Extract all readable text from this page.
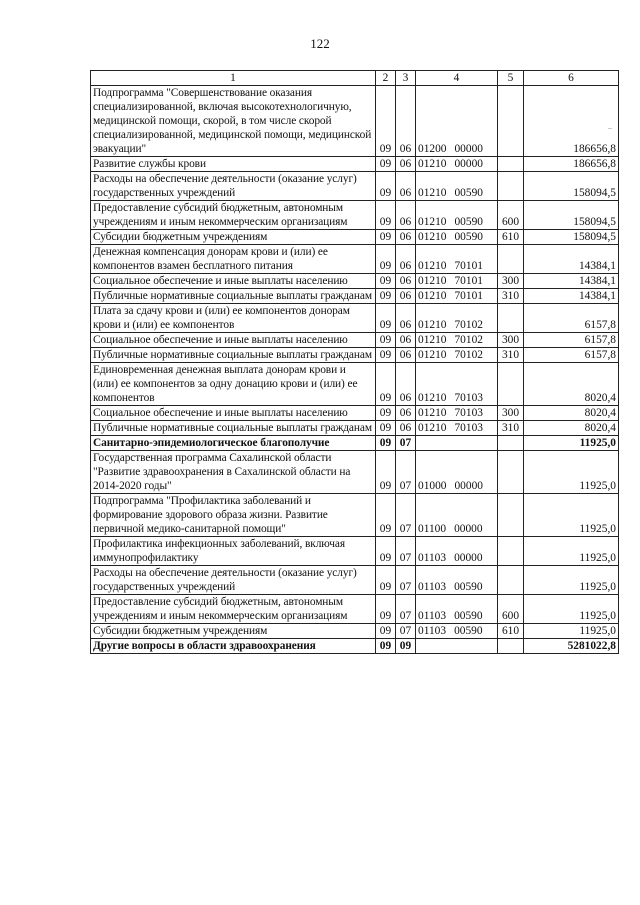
122
1	2	3	4	5	6
Подпрограмма "Совершенствование оказания специализированной, включая высокотехнологичную, медицинской помощи, скорой, в том числе скорой специализированной, медицинской помощи, медицинской эвакуации"	09	06	01200 00000		186656,8
Развитие службы крови	09	06	01210 00000		186656,8
Расходы на обеспечение деятельности (оказание услуг) государственных учреждений	09	06	01210 00590		158094,5
Предоставление субсидий бюджетным, автономным учреждениям и иным некоммерческим организациям	09	06	01210 00590	600	158094,5
Субсидии бюджетным учреждениям	09	06	01210 00590	610	158094,5
Денежная компенсация донорам крови и (или) ее компонентов взамен бесплатного питания	09	06	01210 70101		14384,1
Социальное обеспечение и иные выплаты населению	09	06	01210 70101	300	14384,1
Публичные нормативные социальные выплаты гражданам	09	06	01210 70101	310	14384,1
Плата за сдачу крови и (или) ее компонентов донорам крови и (или) ее компонентов	09	06	01210 70102		6157,8
Социальное обеспечение и иные выплаты населению	09	06	01210 70102	300	6157,8
Публичные нормативные социальные выплаты гражданам	09	06	01210 70102	310	6157,8
Единовременная денежная выплата донорам крови и (или) ее компонентов за одну донацию крови и (или) ее компонентов	09	06	01210 70103		8020,4
Социальное обеспечение и иные выплаты населению	09	06	01210 70103	300	8020,4
Публичные нормативные социальные выплаты гражданам	09	06	01210 70103	310	8020,4
Санитарно-эпидемиологическое благополучие	09	07			11925,0
Государственная программа Сахалинской области "Развитие здравоохранения в Сахалинской области на 2014-2020 годы"	09	07	01000 00000		11925,0
Подпрограмма "Профилактика заболеваний и формирование здорового образа жизни. Развитие первичной медико-санитарной помощи"	09	07	01100 00000		11925,0
Профилактика инфекционных заболеваний, включая иммунопрофилактику	09	07	01103 00000		11925,0
Расходы на обеспечение деятельности (оказание услуг) государственных учреждений	09	07	01103 00590		11925,0
Предоставление субсидий бюджетным, автономным учреждениям и иным некоммерческим организациям	09	07	01103 00590	600	11925,0
Субсидии бюджетным учреждениям	09	07	01103 00590	610	11925,0
Другие вопросы в области здравоохранения	09	09			5281022,8
..
